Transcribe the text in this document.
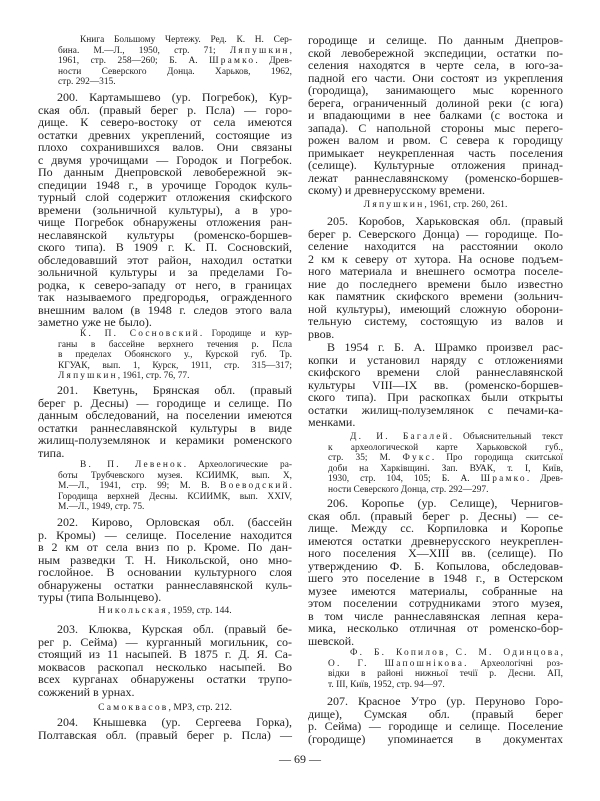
Книга Большому Чертежу. Ред. К. Н. Сер-
бина. М.—Л., 1950, стр. 71; Ляпушкин,
1961, стр. 258—260; Б. А. Шрамко. Древ-
ности Северского Донца. Харьков, 1962,
стр. 292—315.
200. Картамышево (ур. Погребок), Кур-
ская обл. (правый берег р. Псла) — горо-
дище. К северо-востоку от села имеются
остатки древних укреплений, состоящие из
плохо сохранившихся валов. Они связаны
с двумя урочищами — Городок и Погребок.
По данным Днепровской левобережной эк-
спедиции 1948 г., в урочище Городок куль-
турный слой содержит отложения скифского
времени (зольничной культуры), а в уро-
чище Погребок обнаружены отложения ран-
неславянской культуры (роменско-боршев-
ского типа). В 1909 г. К. П. Сосновский,
обследовавший этот район, находил остатки
зольничной культуры и за пределами Го-
родка, к северо-западу от него, в границах
так называемого предгородья, огражденного
внешним валом (в 1948 г. следов этого вала
заметно уже не было).
К. П. Сосновский. Городище и кур-
ганы в бассейне верхнего течения р. Псла
в пределах Обоянского у., Курской губ. Тр.
КГУАК, вып. 1, Курск, 1911, стр. 315—317;
Ляпушкин, 1961, стр. 76, 77.
201. Кветунь, Брянская обл. (правый
берег р. Десны) — городище и селище. По
данным обследований, на поселении имеются
остатки раннеславянской культуры в виде
жилищ-полуземлянок и керамики роменского
типа.
В. П. Левенок. Археологические ра-
боты Трубчевского музея. КСИИМК, вып. X,
М.—Л., 1941, стр. 99; М. В. Воеводский.
Городища верхней Десны. КСИИМК, вып. XXIV,
М.—Л., 1949, стр. 75.
202. Кирово, Орловская обл. (бассейн
р. Кромы) — селище. Поселение находится
в 2 км от села вниз по р. Кроме. По дан-
ным разведки Т. Н. Никольской, оно мно-
гослойное. В основании культурного слоя
обнаружены остатки раннеславянской куль-
туры (типа Волынцево).
Никольская, 1959, стр. 144.
203. Клюква, Курская обл. (правый бе-
рег р. Сейма) — курганный могильник, со-
стоящий из 11 насыпей. В 1875 г. Д. Я. Са-
моквасов раскопал несколько насыпей. Во
всех курганах обнаружены остатки трупо-
сожжений в урнах.
Самоквасов, МРЗ, стр. 212.
204. Кнышевка (ур. Сергеева Горка),
Полтавская обл. (правый берег р. Псла) —
городище и селище. По данным Днепров-
ской левобережной экспедиции, остатки по-
селения находятся в черте села, в юго-за-
падной его части. Они состоят из укрепления
(городища), занимающего мыс коренного
берега, ограниченный долиной реки (с юга)
и впадающими в нее балками (с востока и
запада). С напольной стороны мыс перего-
рожен валом и рвом. С севера к городищу
примыкает неукрепленная часть поселения
(селище). Культурные отложения принад-
лежат раннеславянскому (роменско-боршев-
скому) и древнерусскому времени.
Ляпушкин, 1961, стр. 260, 261.
205. Коробов, Харьковская обл. (правый
берег р. Северского Донца) — городище. По-
селение находится на расстоянии около
2 км к северу от хутора. На основе подъем-
ного материала и внешнего осмотра поселе-
ние до последнего времени было известно
как памятник скифского времени (зольнич-
ной культуры), имеющий сложную оборони-
тельную систему, состоящую из валов и
рвов.
В 1954 г. Б. А. Шрамко произвел рас-
копки и установил наряду с отложениями
скифского времени слой раннеславянской
культуры VIII—IX вв. (роменско-боршев-
ского типа). При раскопках были открыты
остатки жилищ-полуземлянок с печами-ка-
менками.
Д. И. Багалей. Объяснительный текст
к археологической карте Харьковской губ.,
стр. 35; М. Фукс. Про городища скитської
доби на Харківщині. Зап. ВУАК, т. І, Київ,
1930, стр. 104, 105; Б. А. Шрамко. Древ-
ности Северского Донца, стр. 292—297.
206. Коропье (ур. Селище), Чернигов-
ская обл. (правый берег р. Десны) — се-
лище. Между сс. Корпиловка и Коропье
имеются остатки древнерусского неукреплен-
ного поселения X—XIII вв. (селище). По
утверждению Ф. Б. Копылова, обследовав-
шего это поселение в 1948 г., в Остерском
музее имеются материалы, собранные на
этом поселении сотрудниками этого музея,
в том числе раннеславянская лепная кера-
мика, несколько отличная от роменско-бор-
шевской.
Ф. Б. Копилов, С. М. Одинцова,
О. Г. Шапошнікова. Археологічні роз-
відки в районі нижньої течії р. Десни. АП,
т. ІІІ, Київ, 1952, стр. 94—97.
207. Красное Утро (ур. Перуново Горо-
дище), Сумская обл. (правый берег
р. Сейма) — городище и селище. Поселение
(городище) упоминается в документах
— 69 —
